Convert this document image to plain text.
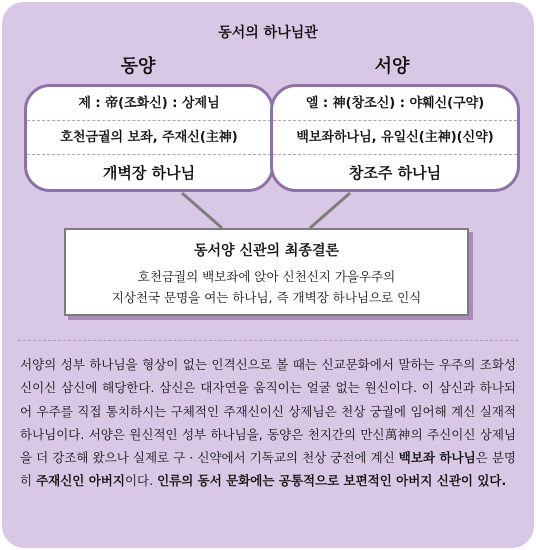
동서의 하나님관
동양	서양
제 : 帝(조화신) : 상제님
호천금궐의 보좌, 주재신(主神)
개벽장 하나님
엘 : 神(창조신) : 야훼신(구약)
백보좌하나님, 유일신(主神)(신약)
창조주 하나님
동서양 신관의 최종결론
호천금궐의 백보좌에 앉아 신천신지 가을우주의
지상천국 문명을 여는 하나님, 즉 개벽장 하나님으로 인식
서양의 성부 하나님을 형상이 없는 인격신으로 볼 때는 신교문화에서 말하는 우주의 조화성신이신 삼신에 해당한다. 삼신은 대자연을 움직이는 얼굴 없는 원신이다. 이 삼신과 하나되어 우주를 직접 통치하시는 구체적인 주재신이신 상제님은 천상 궁궐에 임어해 계신 실재적 하나님이다. 서양은 원신적인 성부 하나님을, 동양은 천지간의 만신萬神의 주신이신 상제님을 더 강조해 왔으나 실제로 구 · 신약에서 기독교의 천상 궁전에 계신 백보좌 하나님은 분명히 주재신인 아버지이다. 인류의 동서 문화에는 공통적으로 보편적인 아버지 신관이 있다.
